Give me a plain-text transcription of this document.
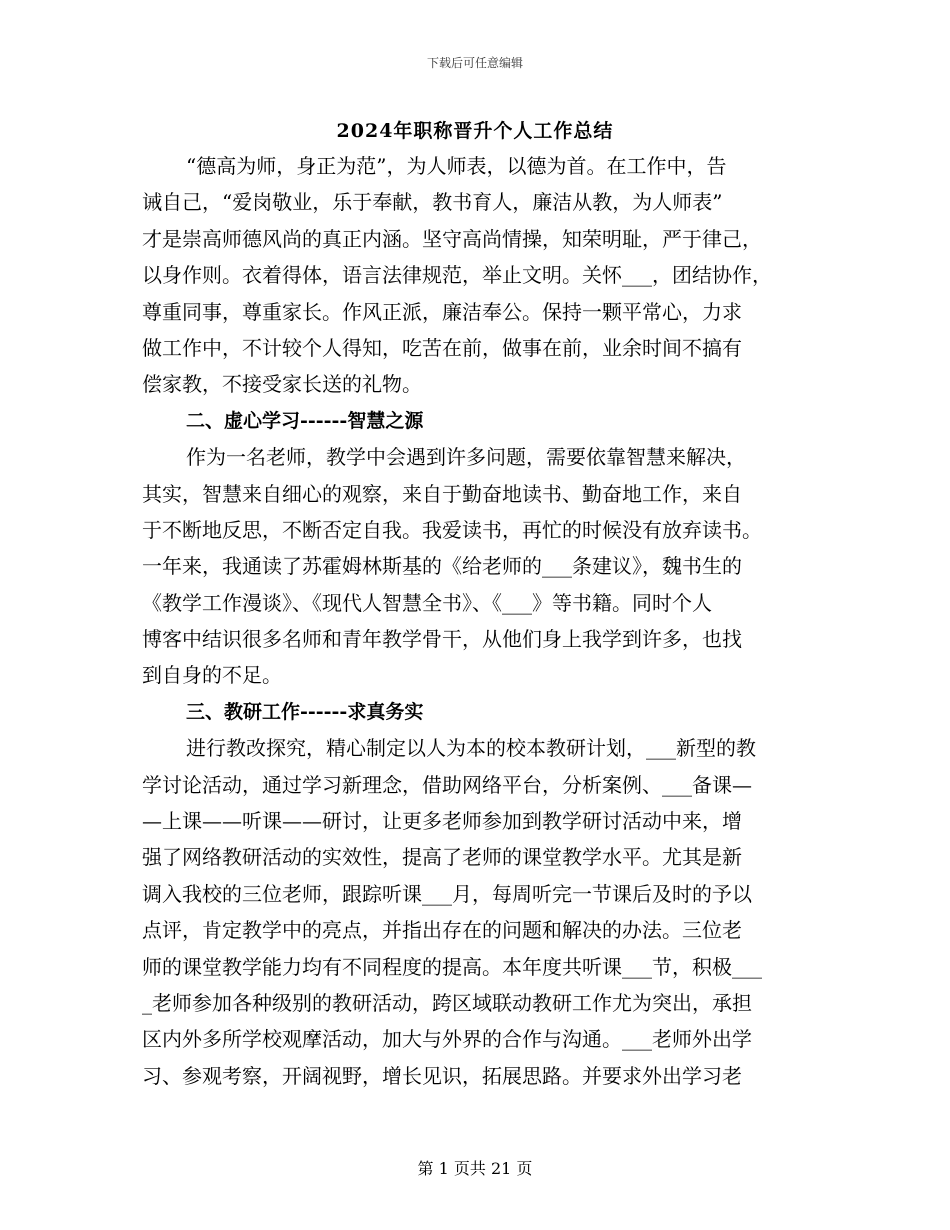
下载后可任意编辑
2024年职称晋升个人工作总结
“德高为师，身正为范”，为人师表，以德为首。在工作中，告
诫自己，“爱岗敬业，乐于奉献，教书育人，廉洁从教，为人师表”
才是崇高师德风尚的真正内涵。坚守高尚情操，知荣明耻，严于律己，
以身作则。衣着得体，语言法律规范，举止文明。关怀___，团结协作，
尊重同事，尊重家长。作风正派，廉洁奉公。保持一颗平常心，力求
做工作中，不计较个人得知，吃苦在前，做事在前，业余时间不搞有
偿家教，不接受家长送的礼物。
二、虚心学习------智慧之源
作为一名老师，教学中会遇到许多问题，需要依靠智慧来解决，
其实，智慧来自细心的观察，来自于勤奋地读书、勤奋地工作，来自
于不断地反思，不断否定自我。我爱读书，再忙的时候没有放弃读书。
一年来，我通读了苏霍姆林斯基的《给老师的___条建议》，魏书生的
《教学工作漫谈》、《现代人智慧全书》、《___》等书籍。同时个人
博客中结识很多名师和青年教学骨干，从他们身上我学到许多，也找
到自身的不足。
三、教研工作------求真务实
进行教改探究，精心制定以人为本的校本教研计划，___新型的教
学讨论活动，通过学习新理念，借助网络平台，分析案例、___备课—
—上课——听课——研讨，让更多老师参加到教学研讨活动中来，增
强了网络教研活动的实效性，提高了老师的课堂教学水平。尤其是新
调入我校的三位老师，跟踪听课___月，每周听完一节课后及时的予以
点评，肯定教学中的亮点，并指出存在的问题和解决的办法。三位老
师的课堂教学能力均有不同程度的提高。本年度共听课___节，积极___
_老师参加各种级别的教研活动，跨区域联动教研工作尤为突出，承担
区内外多所学校观摩活动，加大与外界的合作与沟通。___老师外出学
习、参观考察，开阔视野，增长见识，拓展思路。并要求外出学习老
第 1 页共 21 页
